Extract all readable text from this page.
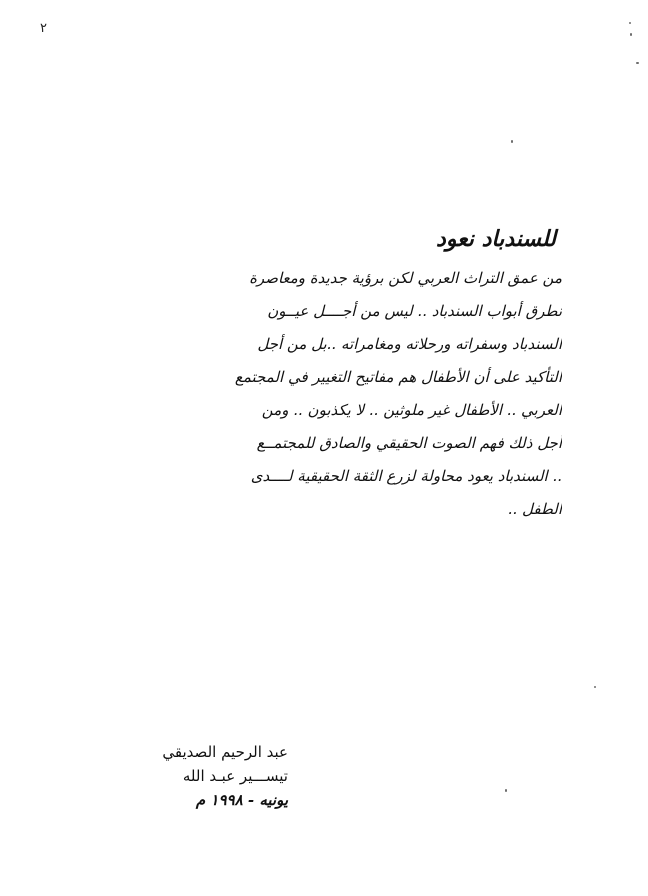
٢
للسندباد نعود
من عمق التراث العربي لكن برؤية جديدة ومعاصرة
نطرق أبواب السندباد .. ليس من أجــــل عيــون
السندباد وسفراته ورحلاته ومغامراته ..بل من أجل
التأكيد على أن الأطفال هم مفاتيح التغيير في المجتمع
العربي .. الأطفال غير ملوثين .. لا يكذبون .. ومن
أجل ذلك فهم الصوت الحقيقي والصادق للمجتمــع
.. السندباد يعود محاولة لزرع الثقة الحقيقية لــــدى
الطفل ..
عبد الرحيم الصديقي
تيســـير عبـد الله
يونيه - ١٩٩٨ م
